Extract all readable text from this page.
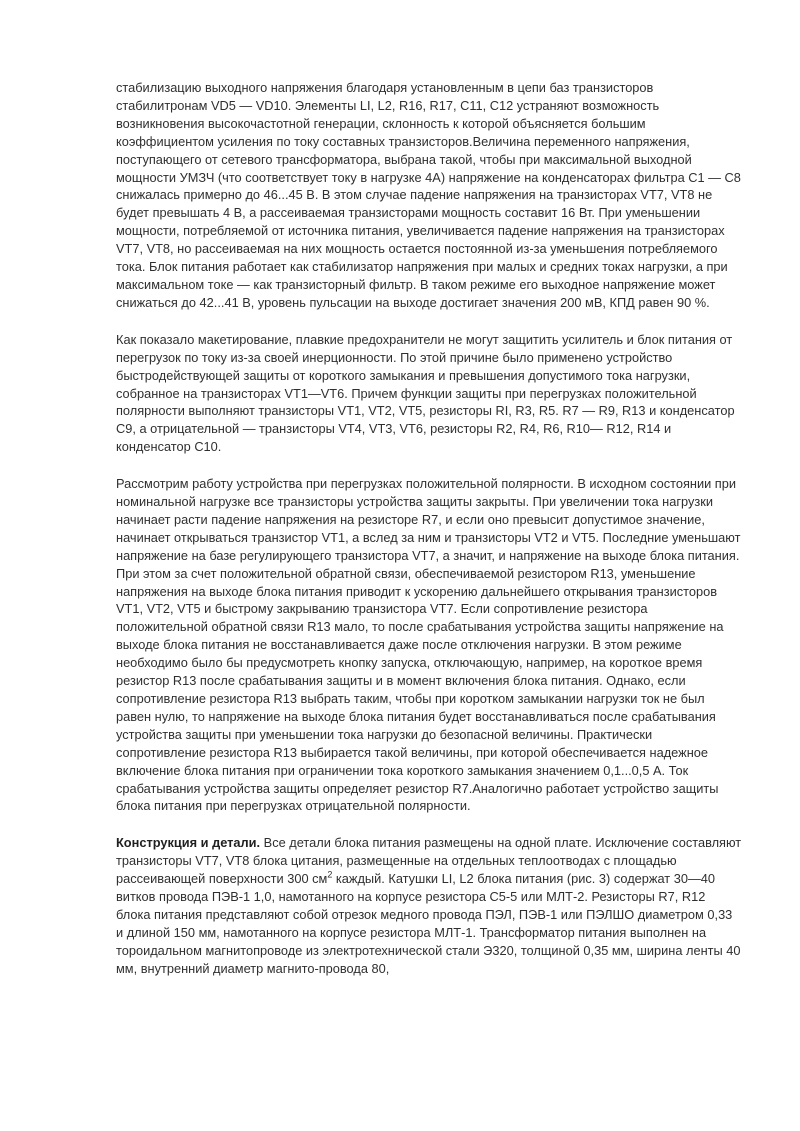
стабилизацию выходного напряжения благодаря установленным в цепи баз транзисторов стабилитронам VD5 — VD10. Элементы LI, L2, R16, R17, C11, C12 устраняют возможность возникновения высокочастотной генерации, склонность к которой объясняется большим коэффициентом усиления по току составных транзисторов.Величина переменного напряжения, поступающего от сетевого трансформатора, выбрана такой, чтобы при максимальной выходной мощности УМЗЧ (что соответствует току в нагрузке 4А) напряжение на конденсаторах фильтра С1 — С8 снижалась примерно до 46...45 В. В этом случае падение напряжения на транзисторах VT7, VT8 не будет превышать 4 В, а рассеиваемая транзисторами мощность составит 16 Вт. При уменьшении мощности, потребляемой от источника питания, увеличивается падение напряжения на транзисторах VT7, VT8, но рассеиваемая на них мощность остается постоянной из-за уменьшения потребляемого тока. Блок питания работает как стабилизатор напряжения при малых и средних токах нагрузки, а при максимальном токе — как транзисторный фильтр. В таком режиме его выходное напряжение может снижаться до 42...41 В, уровень пульсации на выходе достигает значения 200 мВ, КПД равен 90 %.

Как показало макетирование, плавкие предохранители не могут защитить усилитель и блок питания от перегрузок по току из-за своей инерционности. По этой причине было применено устройство быстродействующей защиты от короткого замыкания и превышения допустимого тока нагрузки, собранное на транзисторах VT1—VT6. Причем функции защиты при перегрузках положительной полярности выполняют транзисторы VT1, VT2, VT5, резисторы RI, R3, R5. R7 — R9, R13 и конденсатор С9, а отрицательной — транзисторы VT4, VT3, VT6, резисторы R2, R4, R6, R10— R12, R14 и конденсатор С10.

Рассмотрим работу устройства при перегрузках положительной полярности. В исходном состоянии при номинальной нагрузке все транзисторы устройства защиты закрыты. При увеличении тока нагрузки начинает расти падение напряжения на резисторе R7, и если оно превысит допустимое значение, начинает открываться транзистор VT1, а вслед за ним и транзисторы VT2 и VT5. Последние уменьшают напряжение на базе регулирующего транзистора VT7, а значит, и напряжение на выходе блока питания. При этом за счет положительной обратной связи, обеспечиваемой резистором R13, уменьшение напряжения на выходе блока питания приводит к ускорению дальнейшего открывания транзисторов VT1, VT2, VT5 и быстрому закрыванию транзистора VT7. Если сопротивление резистора положительной обратной связи R13 мало, то после срабатывания устройства защиты напряжение на выходе блока питания не восстанавливается даже после отключения нагрузки. В этом режиме необходимо было бы предусмотреть кнопку запуска, отключающую, например, на короткое время резистор R13 после срабатывания защиты и в момент включения блока питания. Однако, если сопротивление резистора R13 выбрать таким, чтобы при коротком замыкании нагрузки ток не был равен нулю, то напряжение на выходе блока питания будет восстанавливаться после срабатывания устройства защиты при уменьшении тока нагрузки до безопасной величины. Практически сопротивление резистора R13 выбирается такой величины, при которой обеспечивается надежное включение блока питания при ограничении тока короткого замыкания значением 0,1...0,5 А. Ток срабатывания устройства защиты определяет резистор R7.Аналогично работает устройство защиты блока питания при перегрузках отрицательной полярности.

Конструкция и детали. Все детали блока питания размещены на одной плате. Исключение составляют транзисторы VT7, VT8 блока цитания, размещенные на отдельных теплоотводах с площадью рассеивающей поверхности 300 $см^2$ каждый. Катушки LI, L2 блока питания (рис. 3) содержат 30—40 витков провода ПЭВ-1 1,0, намотанного на корпусе резистора С5-5 или МЛТ-2. Резисторы R7, R12 блока питания представляют собой отрезок медного провода ПЭЛ, ПЭВ-1 или ПЭЛШО диаметром 0,33 и длиной 150 мм, намотанного на корпусе резистора МЛТ-1. Трансформатор питания выполнен на тороидальном магнитопроводе из электротехнической стали Э320, толщиной 0,35 мм, ширина ленты 40 мм, внутренний диаметр магнито-провода 80,
